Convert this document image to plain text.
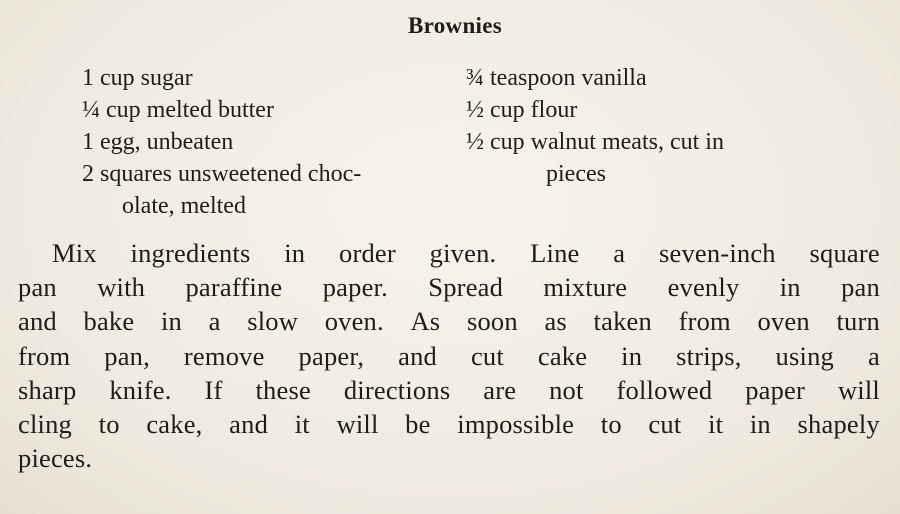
Brownies
1 cup sugar
¼ cup melted butter
1 egg, unbeaten
2 squares unsweetened choc-
olate, melted
¾ teaspoon vanilla
½ cup flour
½ cup walnut meats, cut in
pieces
Mix ingredients in order given. Line a seven-inch square
pan with paraffine paper. Spread mixture evenly in pan
and bake in a slow oven. As soon as taken from oven turn
from pan, remove paper, and cut cake in strips, using a
sharp knife. If these directions are not followed paper will
cling to cake, and it will be impossible to cut it in shapely
pieces.
